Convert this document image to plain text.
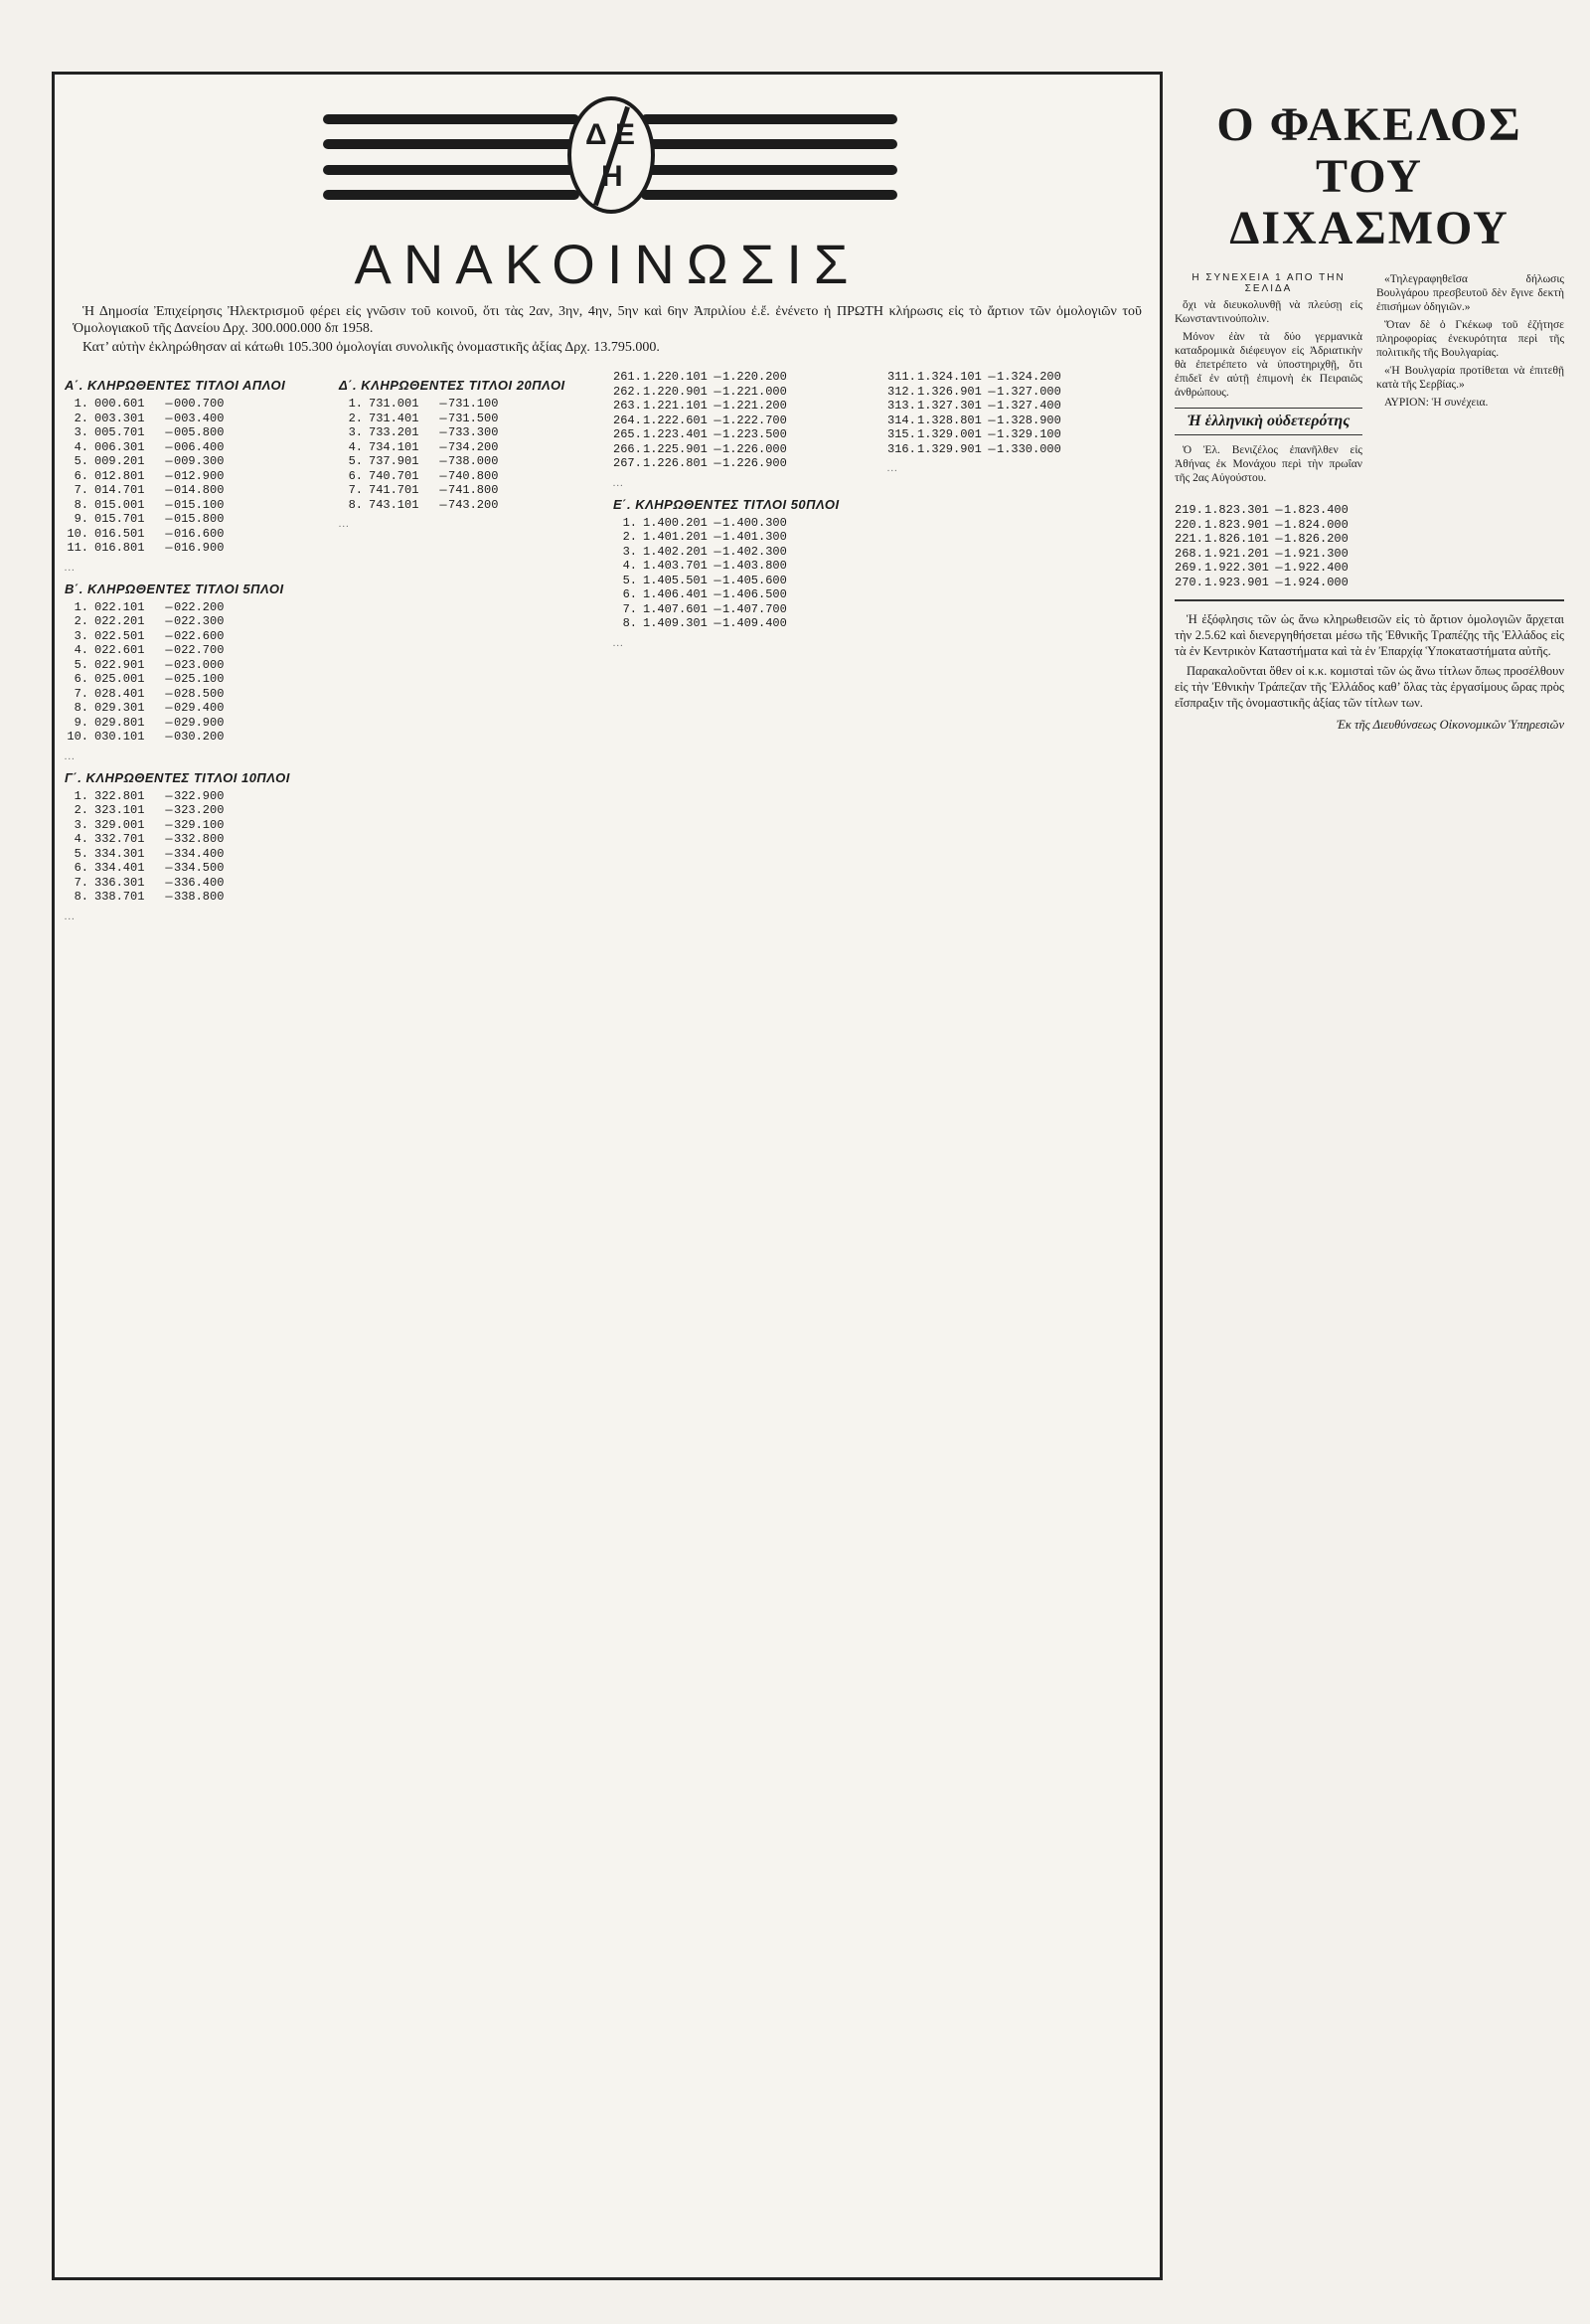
Δ Ε
Η
ΑΝΑΚΟΙΝΩΣΙΣ

Ἡ Δημοσία Ἐπιχείρησις Ἠλεκτρισμοῦ φέρει εἰς γνῶσιν τοῦ κοινοῦ, ὅτι τὰς 2αν, 3ην, 4ην, 5ην καὶ 6ην Ἀπριλίου ἐ.ἔ. ἐνένετο ἡ ΠΡΩΤΗ κλήρωσις εἰς τὸ ἄρτιον τῶν ὁμολογιῶν τοῦ Ὁμολογιακοῦ τῆς Δανείου Δρχ. 300.000.000 δπ 1958.

Κατ’ αὐτὴν ἐκληρώθησαν αἱ κάτωθι 105.300 ὁμολογίαι συνολικῆς ὀνομαστικῆς ἀξίας Δρχ. 13.795.000.

Α΄. ΚΛΗΡΩΘΕΝΤΕΣ ΤΙΤΛΟΙ ΑΠΛΟΙ
1. 000.601	— 000.700
2. 003.301	— 003.400
3. 005.701	— 005.800
4. 006.301	— 006.400
5. 009.201	— 009.300
6. 012.801	— 012.900
7. 014.701	— 014.800
8. 015.001	— 015.100
9. 015.701	— 015.800
10. 016.501	— 016.600
11. 016.801	— 016.900
…
Β΄. ΚΛΗΡΩΘΕΝΤΕΣ ΤΙΤΛΟΙ 5ΠΛΟΙ
1. 022.101	— 022.200
2. 022.201	— 022.300
3. 022.501	— 022.600
4. 022.601	— 022.700
5. 022.901	— 023.000
6. 025.001	— 025.100
7. 028.401	— 028.500
8. 029.301	— 029.400
9. 029.801	— 029.900
10. 030.101	— 030.200
…
Γ΄. ΚΛΗΡΩΘΕΝΤΕΣ ΤΙΤΛΟΙ 10ΠΛΟΙ
1. 322.801	— 322.900
2. 323.101	— 323.200
3. 329.001	— 329.100
4. 332.701	— 332.800
5. 334.301	— 334.400
6. 334.401	— 334.500
7. 336.301	— 336.400
8. 338.701	— 338.800
…
Δ΄. ΚΛΗΡΩΘΕΝΤΕΣ ΤΙΤΛΟΙ 20ΠΛΟΙ
1. 731.001	— 731.100
2. 731.401	— 731.500
3. 733.201	— 733.300
4. 734.101	— 734.200
5. 737.901	— 738.000
6. 740.701	— 740.800
7. 741.701	— 741.800
8. 743.101	— 743.200
…
261. 1.220.101 — 1.220.200
262. 1.220.901 — 1.221.000
263. 1.221.101 — 1.221.200
264. 1.222.601 — 1.222.700
265. 1.223.401 — 1.223.500
266. 1.225.901 — 1.226.000
267. 1.226.801 — 1.226.900
…
Ε΄. ΚΛΗΡΩΘΕΝΤΕΣ ΤΙΤΛΟΙ 50ΠΛΟΙ
1. 1.400.201 — 1.400.300
2. 1.401.201 — 1.401.300
3. 1.402.201 — 1.402.300
4. 1.403.701 — 1.403.800
5. 1.405.501 — 1.405.600
6. 1.406.401 — 1.406.500
7. 1.407.601 — 1.407.700
8. 1.409.301 — 1.409.400
…
311. 1.324.101 — 1.324.200
312. 1.326.901 — 1.327.000
313. 1.327.301 — 1.327.400
314. 1.328.801 — 1.328.900
315. 1.329.001 — 1.329.100
316. 1.329.901 — 1.330.000
…
Ο ΦΑΚΕΛΟΣ
ΤΟΥ ΔΙΧΑΣΜΟΥ
Η ΣΥΝΕΧΕΙΑ 1 ΑΠΟ ΤΗΝ ΣΕΛΙΔΑ

ὅχι νὰ διευκολυνθῇ νὰ πλεύσῃ εἰς Κωνσταντινούπολιν.

Μόνον ἐὰν τὰ δύο γερμανικὰ καταδρομικὰ διέφευγον εἰς Ἀδριατικὴν θὰ ἐπετρέπετο νὰ ὑποστηριχθῇ, ὅτι ἐπιδεῖ ἐν αὐτῇ ἐπιμονὴ ἐκ Πειραιῶς ἀνθρώπους.

Ἡ ἑλληνικὴ οὐδετερότης

Ὁ Ἐλ. Βενιζέλος ἐπανῆλθεν εἰς Ἀθήνας ἐκ Μονάχου περὶ τὴν πρωΐαν τῆς 2ας Αὐγούστου.

«Τηλεγραφηθεῖσα δήλωσις Βουλγάρου πρεσβευτοῦ δὲν ἔγινε δεκτὴ ἐπισήμων ὁδηγιῶν.»

Ὅταν δὲ ὁ Γκέκωφ τοῦ ἐζήτησε πληροφορίας ἐνεκυρότητα περὶ τῆς πολιτικῆς τῆς Βουλγαρίας.

«Ἡ Βουλγαρία προτίθεται νὰ ἐπιτεθῇ κατὰ τῆς Σερβίας.»

ΑΥΡΙΟΝ: Ἡ συνέχεια.

219. 1.823.301 — 1.823.400
220. 1.823.901 — 1.824.000
221. 1.826.101 — 1.826.200
268. 1.921.201 — 1.921.300
269. 1.922.301 — 1.922.400
270. 1.923.901 — 1.924.000

Ἡ ἐξόφλησις τῶν ὡς ἄνω κληρωθεισῶν εἰς τὸ ἄρτιον ὁμολογιῶν ἄρχεται τὴν 2.5.62 καὶ διενεργηθήσεται μέσω τῆς Ἐθνικῆς Τραπέζης τῆς Ἑλλάδος εἰς τὰ ἐν Κεντρικὸν Καταστήματα καὶ τὰ ἐν Ἐπαρχίᾳ Ὑποκαταστήματα αὐτῆς.

Παρακαλοῦνται ὅθεν οἱ κ.κ. κομισταὶ τῶν ὡς ἄνω τίτλων ὅπως προσέλθουν εἰς τὴν Ἐθνικὴν Τράπεζαν τῆς Ἑλλάδος καθ’ ὅλας τὰς ἐργασίμους ὥρας πρὸς εἴσπραξιν τῆς ὀνομαστικῆς ἀξίας τῶν τίτλων των.

Ἐκ τῆς Διευθύνσεως Οἰκονομικῶν Ὑπηρεσιῶν
